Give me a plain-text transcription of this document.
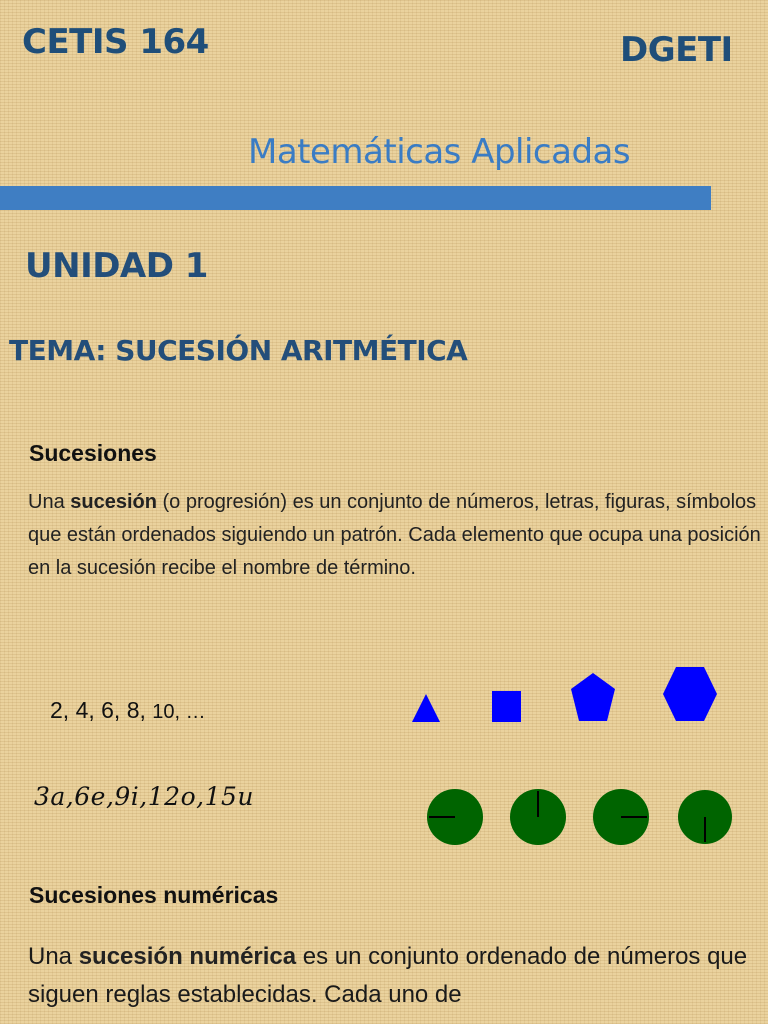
CETIS 164	DGETI
Matemáticas Aplicadas
UNIDAD 1
TEMA: SUCESIÓN ARITMÉTICA
Sucesiones
Una sucesión (o progresión) es un conjunto de números, letras, figuras, símbolos que están ordenados siguiendo un patrón. Cada elemento que ocupa una posición en la sucesión recibe el nombre de término.
2, 4, 6, 8, 10, …
3a,6e,9i,12o,15u
Sucesiones numéricas
Una sucesión numérica es un conjunto ordenado de números que siguen reglas establecidas. Cada uno de
